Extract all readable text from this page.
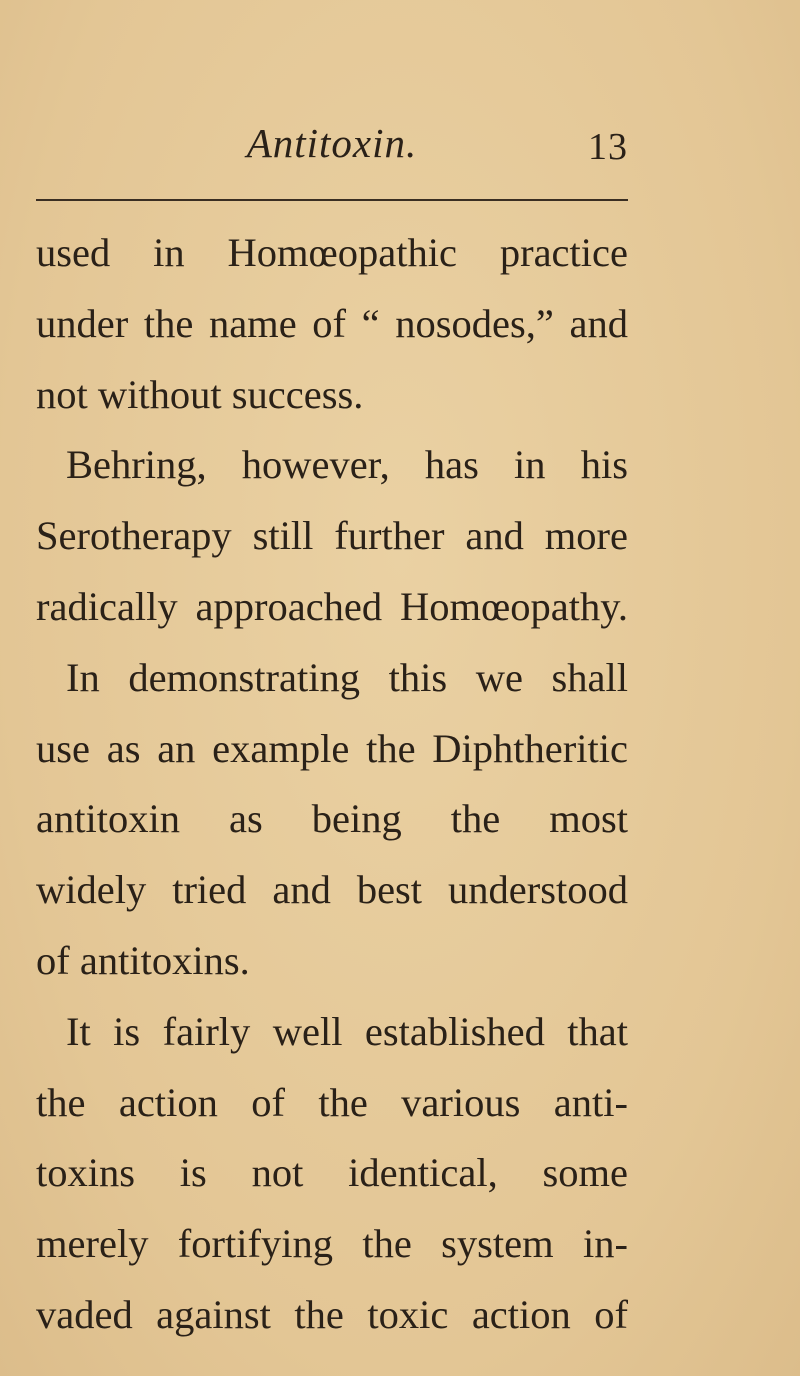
Antitoxin.	13
used in Homœopathic practice
under the name of “ nosodes,” and
not without success.
Behring, however, has in his
Serotherapy still further and more
radically approached Homœopathy.
In demonstrating this we shall
use as an example the Diphtheritic
antitoxin as being the most
widely tried and best understood
of antitoxins.
It is fairly well established that
the action of the various anti-
toxins is not identical, some
merely fortifying the system in-
vaded against the toxic action of
